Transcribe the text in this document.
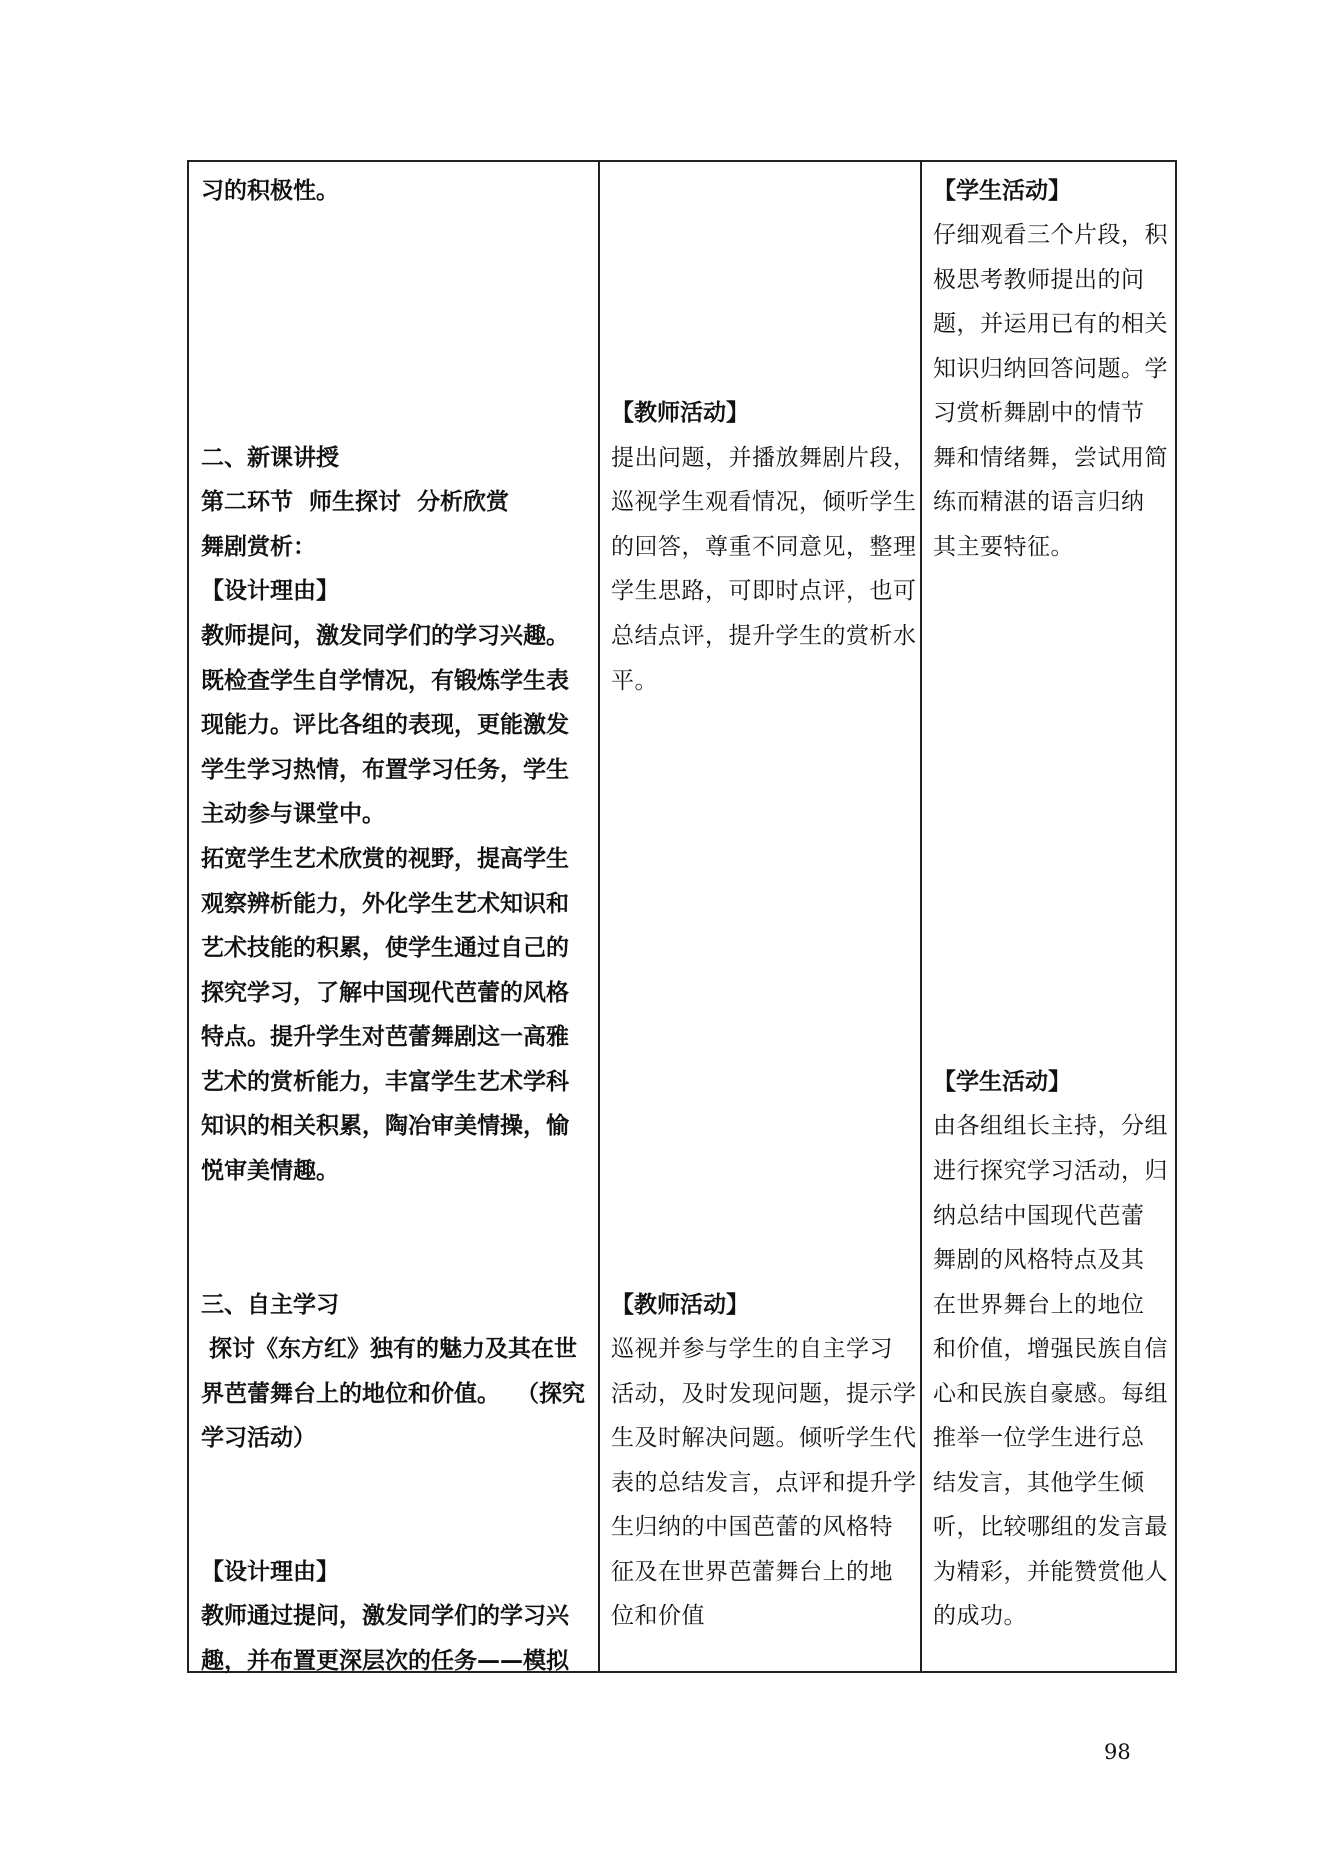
习的积极性。

二、新课讲授

第二环节  师生探讨  分析欣赏

舞剧赏析：

【设计理由】

教师提问，激发同学们的学习兴趣。

既检查学生自学情况，有锻炼学生表

现能力。评比各组的表现，更能激发

学生学习热情，布置学习任务，学生

主动参与课堂中。

拓宽学生艺术欣赏的视野，提高学生

观察辨析能力，外化学生艺术知识和

艺术技能的积累，使学生通过自己的

探究学习，了解中国现代芭蕾的风格

特点。提升学生对芭蕾舞剧这一高雅

艺术的赏析能力，丰富学生艺术学科

知识的相关积累，陶冶审美情操，愉

悦审美情趣。

三、自主学习

探讨《东方红》独有的魅力及其在世

界芭蕾舞台上的地位和价值。  （探究

学习活动）

【设计理由】

教师通过提问，激发同学们的学习兴

趣，并布置更深层次的任务——模拟

【教师活动】

提出问题，并播放舞剧片段，

巡视学生观看情况，倾听学生

的回答，尊重不同意见，整理

学生思路，可即时点评，也可

总结点评，提升学生的赏析水

平。

【教师活动】

巡视并参与学生的自主学习

活动，及时发现问题，提示学

生及时解决问题。倾听学生代

表的总结发言，点评和提升学

生归纳的中国芭蕾的风格特

征及在世界芭蕾舞台上的地

位和价值

【学生活动】

仔细观看三个片段，积

极思考教师提出的问

题，并运用已有的相关

知识归纳回答问题。学

习赏析舞剧中的情节

舞和情绪舞，尝试用简

练而精湛的语言归纳

其主要特征。

【学生活动】

由各组组长主持，分组

进行探究学习活动，归

纳总结中国现代芭蕾

舞剧的风格特点及其

在世界舞台上的地位

和价值，增强民族自信

心和民族自豪感。每组

推举一位学生进行总

结发言，其他学生倾

听，比较哪组的发言最

为精彩，并能赞赏他人

的成功。

98
